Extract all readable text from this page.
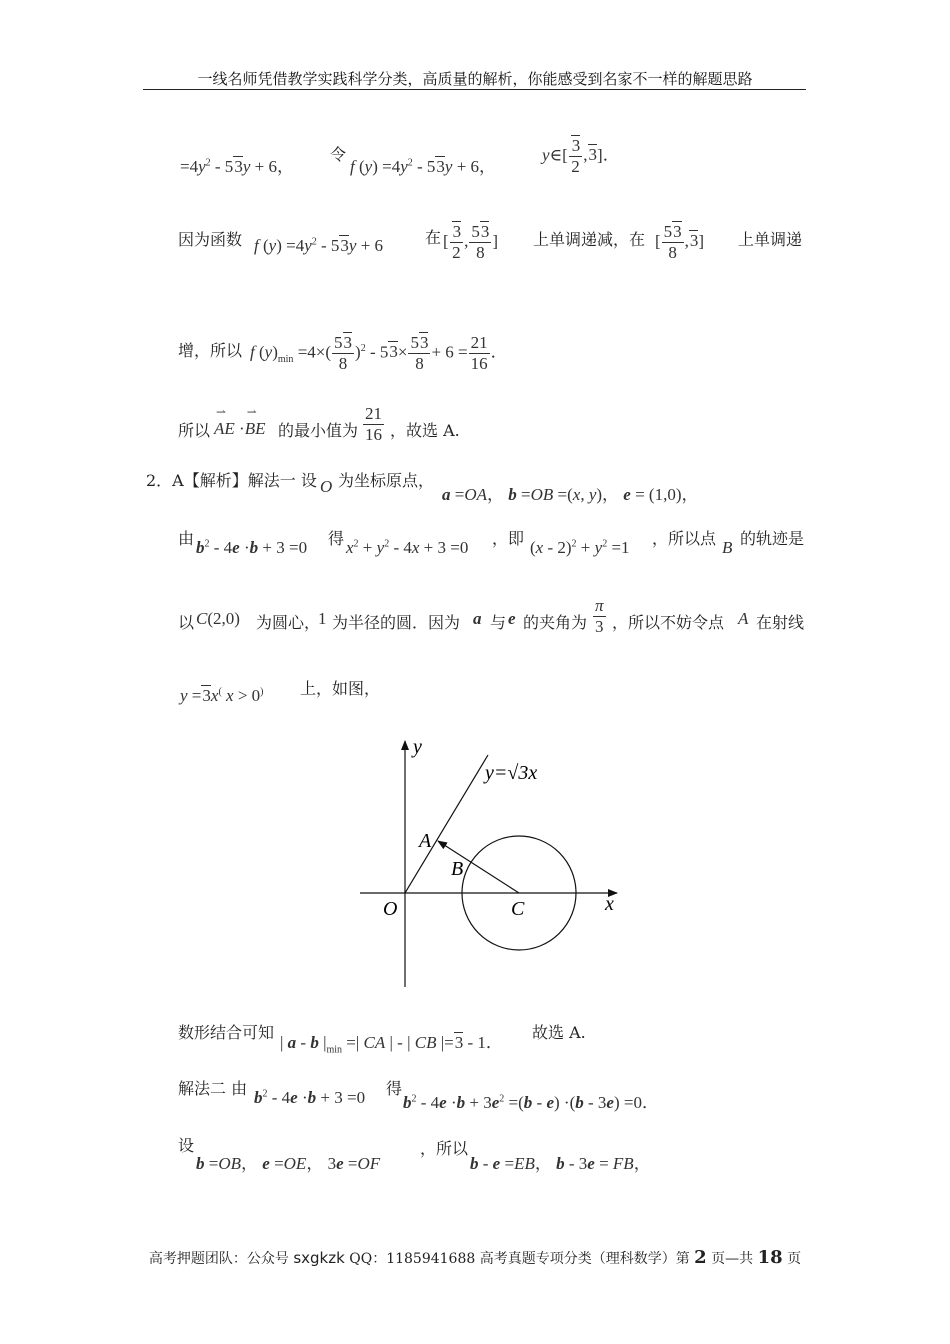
一线名师凭借教学实践科学分类，高质量的解析，你能感受到名家不一样的解题思路
$=4y^2 - 53y + 6$，
令
f $(y) =4y^2 - 53y + 6$，
y∈[ $\frac{3}{2} ,3$]．
因为函数 f $(y) =4y^2 - 53y + 6$	在 [ $\frac{3}{2}$ , $\frac{53}{8}$ ] 上单调递减，在 [ $\frac{53}{8} ,3$] 上单调递
增，所以 f $(y)_{min} =4\times( \frac{53}{8} )^2 - 53\times \frac{53}{8} + 6 = \frac{21}{16}$ ．
所以
⇀ AE ·⇀ BE 的最小值为 $\frac{21}{16}$ ，故选 A.
2．A【解析】解法一 设 O 为坐标原点，
a =OA， b =OB =(x, y)， e = (1,0)，
由 $b^2 - 4e \cdot b + 3 =0$ 得 $x^2 + y^2 - 4x + 3 =0$ ，即 $(x - 2)^2 + y^2 =1$ ，所以点 B 的轨迹是
以 C(2,0) 为圆心，
1 为半径的圆．因为 a 与 e 的夹角为 $\frac{\pi}{3}$ ，所以不妨令点 A 在射线
y =3x( x > 0) 上，如图，
y
x
O
A
B
C
y=√3x
数形结合可知
| a - b $|_{min}$ =| CA | - | CB |=3 - 1．
故选 A.
解法二 由 $b^2 - 4e \cdot b + 3 =0$ 得
$b^2 - 4e \cdot b + 3e^2 =(b - e) \cdot(b - 3e) =0$．
设
b =OB， e =OE， 3e =OF
，所以
b - e =EB， b - 3e = FB，
高考押题团队：公众号 sxgkzk QQ：1185941688 高考真题专项分类（理科数学）第 2 页—共 18 页
